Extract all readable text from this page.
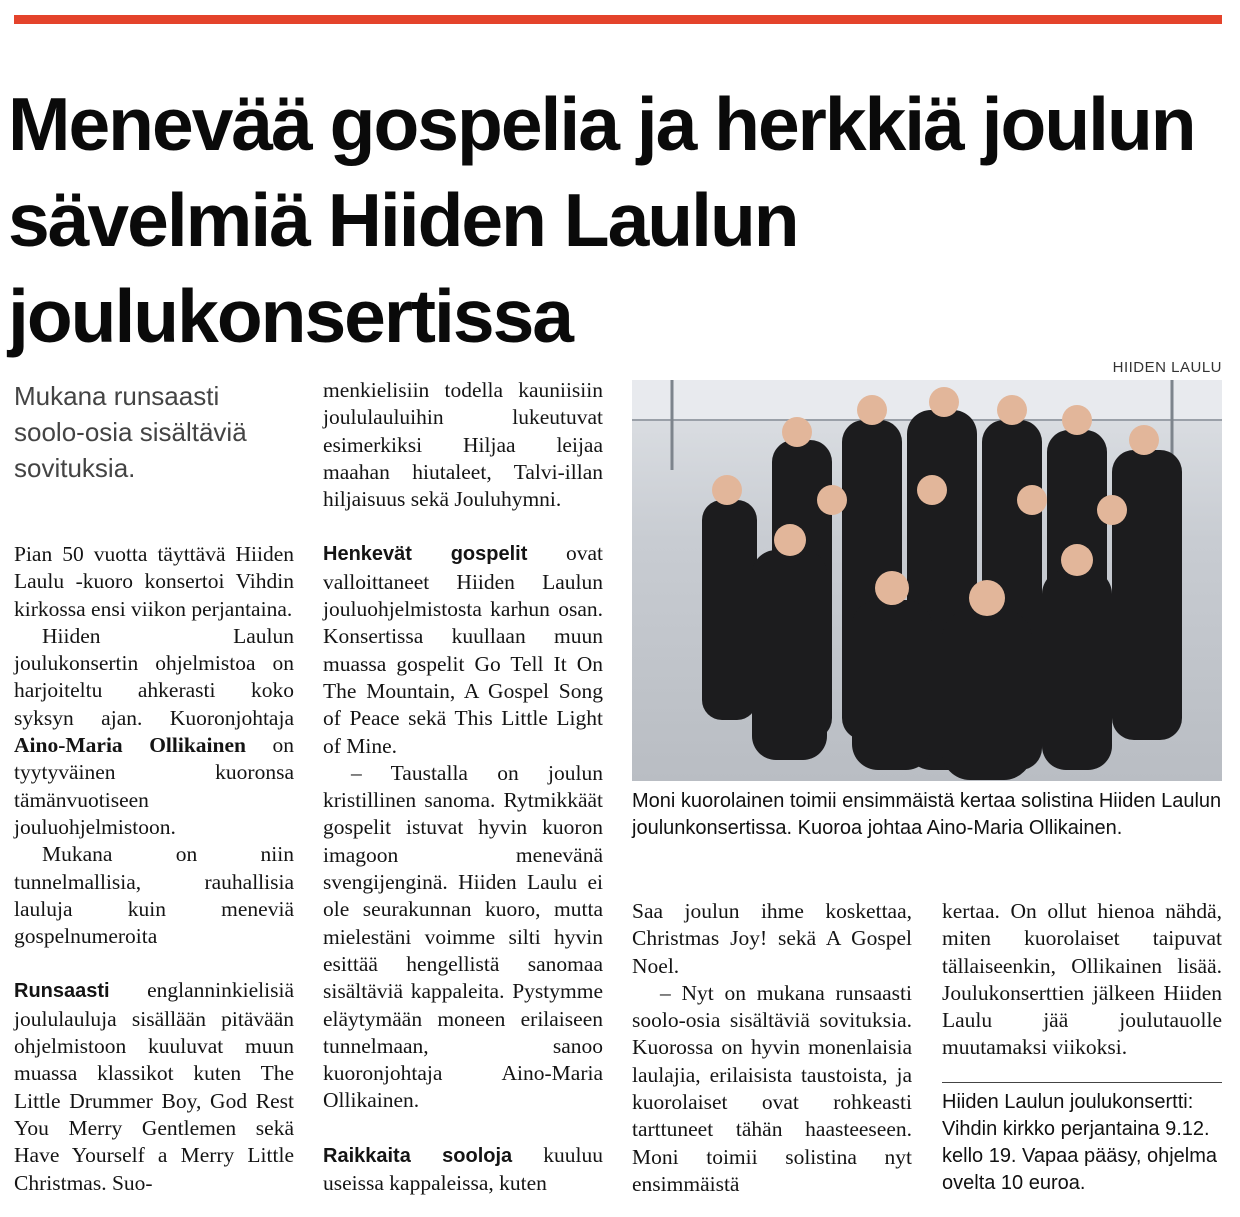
Menevää gospelia ja herkkiä joulun sävelmiä Hiiden Laulun joulukonsertissa
Mukana runsaasti soolo-osia sisältäviä sovituksia.

Pian 50 vuotta täyttävä Hiiden Laulu -kuoro konsertoi Vihdin kirkossa ensi viikon perjantaina.

Hiiden Laulun joulukonsertin ohjelmistoa on harjoiteltu ahkerasti koko syksyn ajan. Kuoronjohtaja Aino-Maria Ollikainen on tyytyväinen kuoronsa tämänvuotiseen jouluohjelmistoon.

Mukana on niin tunnelmallisia, rauhallisia lauluja kuin meneviä gospelnumeroita

Runsaasti englanninkielisiä joululauluja sisällään pitävään ohjelmistoon kuuluvat muun muassa klassikot kuten The Little Drummer Boy, God Rest You Merry Gentlemen sekä Have Yourself a Merry Little Christmas. Suo-

menkielisiin todella kauniisiin joululauluihin lukeutuvat esimerkiksi Hiljaa leijaa maahan hiutaleet, Talvi-illan hiljaisuus sekä Jouluhymni.

Henkevät gospelit ovat valloittaneet Hiiden Laulun jouluohjelmistosta karhun osan. Konsertissa kuullaan muun muassa gospelit Go Tell It On The Mountain, A Gospel Song of Peace sekä This Little Light of Mine.

– Taustalla on joulun kristillinen sanoma. Rytmikkäät gospelit istuvat hyvin kuoron imagoon menevänä svengijenginä. Hiiden Laulu ei ole seurakunnan kuoro, mutta mielestäni voimme silti hyvin esittää hengellistä sanomaa sisältäviä kappaleita. Pystymme eläytymään moneen erilaiseen tunnelmaan, sanoo kuoronjohtaja Aino-Maria Ollikainen.

Raikkaita sooloja kuuluu useissa kappaleissa, kuten

HIIDEN LAULU
Moni kuorolainen toimii ensimmäistä kertaa solistina Hiiden Laulun joulunkonsertissa. Kuoroa johtaa Aino-Maria Ollikainen.

Saa joulun ihme koskettaa, Christmas Joy! sekä A Gospel Noel.

– Nyt on mukana runsaasti soolo-osia sisältäviä sovituksia. Kuorossa on hyvin monenlaisia laulajia, erilaisista taustoista, ja kuorolaiset ovat rohkeasti tarttuneet tähän haasteeseen. Moni toimii solistina nyt ensimmäistä

kertaa. On ollut hienoa nähdä, miten kuorolaiset taipuvat tällaiseenkin, Ollikainen lisää. Joulukonserttien jälkeen Hiiden Laulu jää joulutauolle muutamaksi viikoksi.

Hiiden Laulun joulukonsertti: Vihdin kirkko perjantaina 9.12. kello 19. Vapaa pääsy, ohjelma ovelta 10 euroa.
